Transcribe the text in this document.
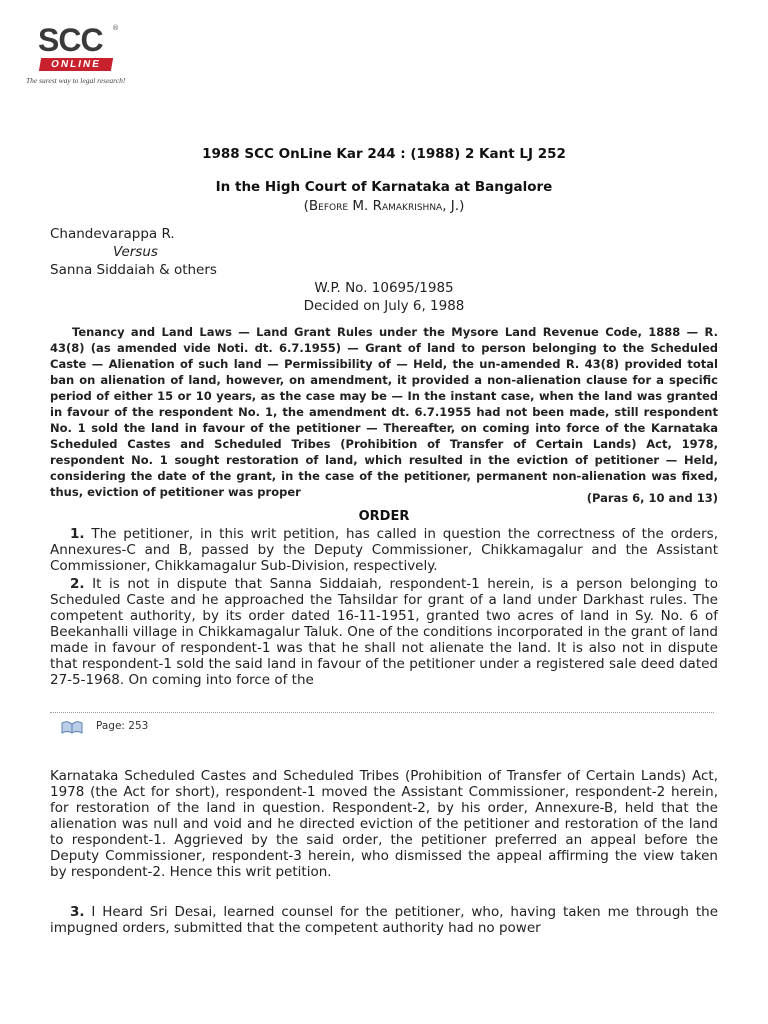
SCC ®
ONLINE
The surest way to legal research!
1988 SCC OnLine Kar 244 : (1988) 2 Kant LJ 252
In the High Court of Karnataka at Bangalore
(Before M. Ramakrishna, J.)
Chandevarappa R.
Versus
Sanna Siddaiah & others
W.P. No. 10695/1985
Decided on July 6, 1988

Tenancy and Land Laws — Land Grant Rules under the Mysore Land Revenue Code, 1888 — R. 43(8) (as amended vide Noti. dt. 6.7.1955) — Grant of land to person belonging to the Scheduled Caste — Alienation of such land — Permissibility of — Held, the un-amended R. 43(8) provided total ban on alienation of land, however, on amendment, it provided a non-alienation clause for a specific period of either 15 or 10 years, as the case may be — In the instant case, when the land was granted in favour of the respondent No. 1, the amendment dt. 6.7.1955 had not been made, still respondent No. 1 sold the land in favour of the petitioner — Thereafter, on coming into force of the Karnataka Scheduled Castes and Scheduled Tribes (Prohibition of Transfer of Certain Lands) Act, 1978, respondent No. 1 sought restoration of land, which resulted in the eviction of petitioner — Held, considering the date of the grant, in the case of the petitioner, permanent non-alienation was fixed, thus, eviction of petitioner was proper	(Paras 6, 10 and 13)
ORDER

1. The petitioner, in this writ petition, has called in question the correctness of the orders, Annexures-C and B, passed by the Deputy Commissioner, Chikkamagalur and the Assistant Commissioner, Chikkamagalur Sub-Division, respectively.

2. It is not in dispute that Sanna Siddaiah, respondent-1 herein, is a person belonging to Scheduled Caste and he approached the Tahsildar for grant of a land under Darkhast rules. The competent authority, by its order dated 16-11-1951, granted two acres of land in Sy. No. 6 of Beekanhalli village in Chikkamagalur Taluk. One of the conditions incorporated in the grant of land made in favour of respondent-1 was that he shall not alienate the land. It is also not in dispute that respondent-1 sold the said land in favour of the petitioner under a registered sale deed dated 27-5-1968. On coming into force of the

Page: 253

Karnataka Scheduled Castes and Scheduled Tribes (Prohibition of Transfer of Certain Lands) Act, 1978 (the Act for short), respondent-1 moved the Assistant Commissioner, respondent-2 herein, for restoration of the land in question. Respondent-2, by his order, Annexure-B, held that the alienation was null and void and he directed eviction of the petitioner and restoration of the land to respondent-1. Aggrieved by the said order, the petitioner preferred an appeal before the Deputy Commissioner, respondent-3 herein, who dismissed the appeal affirming the view taken by respondent-2. Hence this writ petition.

3. I Heard Sri Desai, learned counsel for the petitioner, who, having taken me through the impugned orders, submitted that the competent authority had no power
